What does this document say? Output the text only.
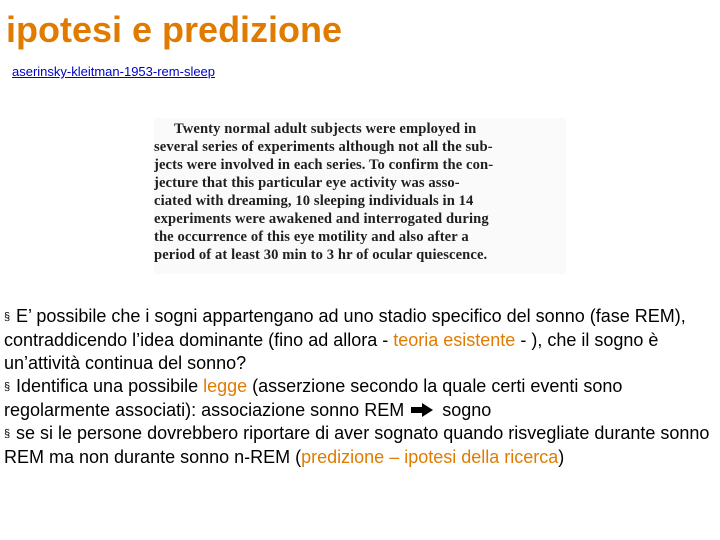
ipotesi e predizione
aserinsky-kleitman-1953-rem-sleep
Twenty normal adult subjects were employed in
several series of experiments although not all the sub-
jects were involved in each series. To confirm the con-
jecture that this particular eye activity was asso-
ciated with dreaming, 10 sleeping individuals in 14
experiments were awakened and interrogated during
the occurrence of this eye motility and also after a
period of at least 30 min to 3 hr of ocular quiescence.
§ E’ possibile che i sogni appartengano ad uno stadio specifico del sonno (fase REM), contraddicendo l’idea dominante (fino ad allora - teoria esistente - ), che il sogno è un’attività continua del sonno?
§ Identifica una possibile legge (asserzione secondo la quale certi eventi sono regolarmente associati): associazione sonno REM  sogno
§ se si le persone dovrebbero riportare di aver sognato quando risvegliate durante sonno REM ma non durante sonno n-REM (predizione – ipotesi della ricerca)
